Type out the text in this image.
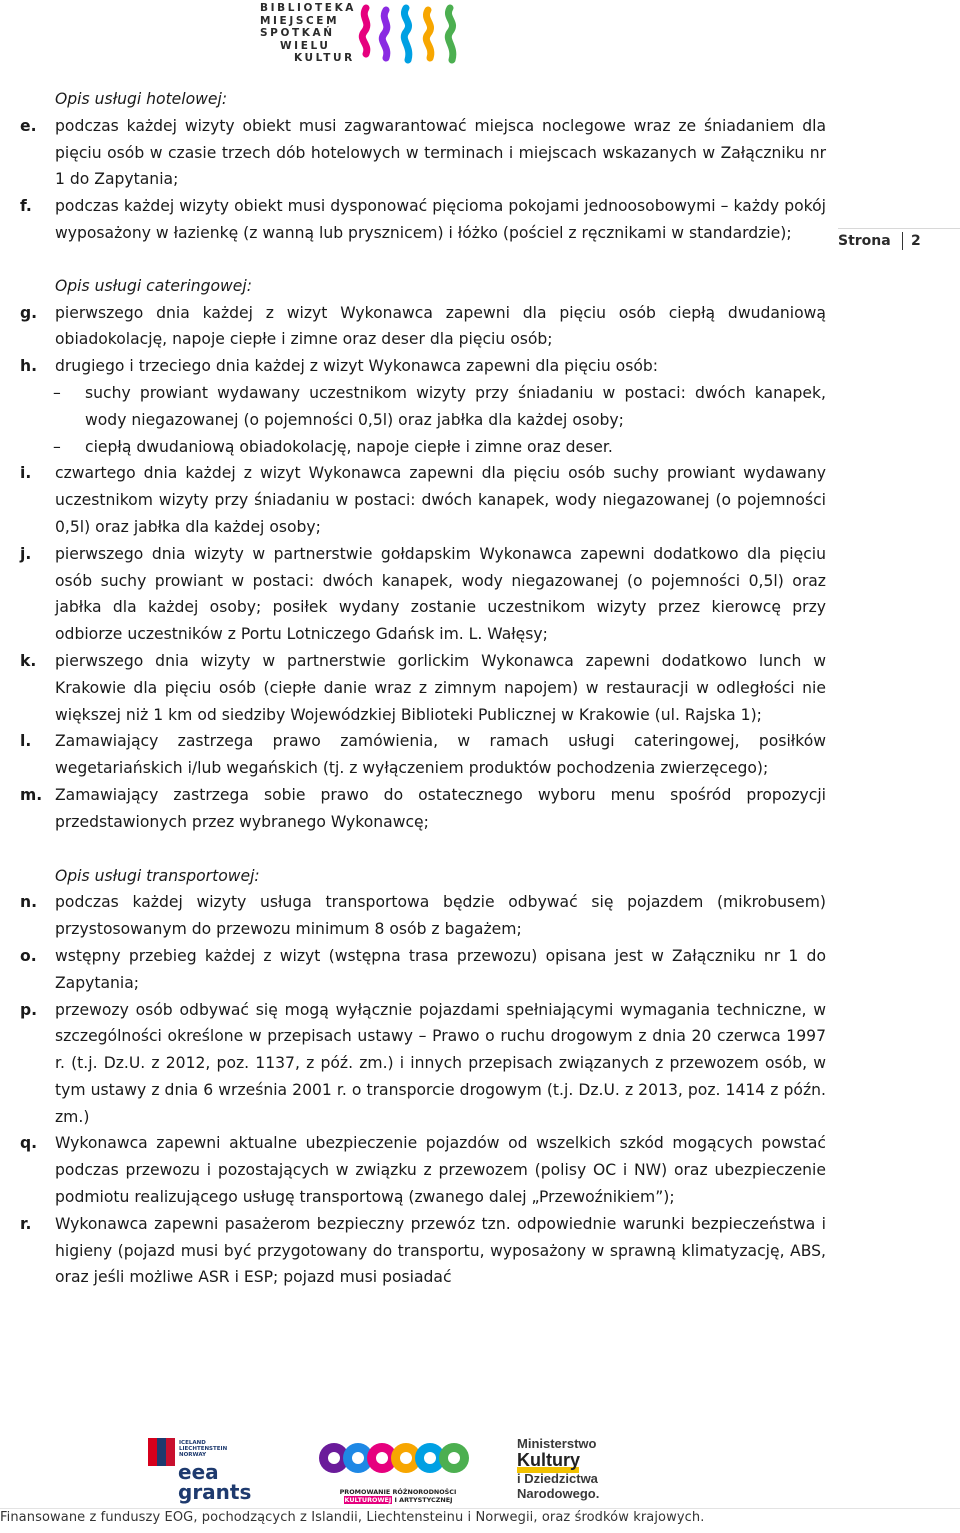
BIBLIOTEKA
MIEJSCEM
SPOTKAŃ
WIELU
KULTUR
Strona 2

Opis usługi hotelowej:

e.	podczas każdej wizyty obiekt musi zagwarantować miejsca noclegowe wraz ze śniadaniem dla pięciu osób w czasie trzech dób hotelowych w terminach i miejscach wskazanych w Załączniku nr 1 do Zapytania;
f.	podczas każdej wizyty obiekt musi dysponować pięcioma pokojami jednoosobowymi – każdy pokój wyposażony w łazienkę (z wanną lub prysznicem) i łóżko (pościel z ręcznikami w standardzie);

Opis usługi cateringowej:

g.	pierwszego dnia każdej z wizyt Wykonawca zapewni dla pięciu osób ciepłą dwudaniową obiadokolację, napoje ciepłe i zimne oraz deser dla pięciu osób;
h.	drugiego i trzeciego dnia każdej z wizyt Wykonawca zapewni dla pięciu osób:
–	suchy prowiant wydawany uczestnikom wizyty przy śniadaniu w postaci: dwóch kanapek, wody niegazowanej (o pojemności 0,5l) oraz jabłka dla każdej osoby;
–	ciepłą dwudaniową obiadokolację, napoje ciepłe i zimne oraz deser.
i.	czwartego dnia każdej z wizyt Wykonawca zapewni dla pięciu osób suchy prowiant wydawany uczestnikom wizyty przy śniadaniu w postaci: dwóch kanapek, wody niegazowanej (o pojemności 0,5l) oraz jabłka dla każdej osoby;
j.	pierwszego dnia wizyty w partnerstwie gołdapskim Wykonawca zapewni dodatkowo dla pięciu osób suchy prowiant w postaci: dwóch kanapek, wody niegazowanej (o pojemności 0,5l) oraz jabłka dla każdej osoby; posiłek wydany zostanie uczestnikom wizyty przez kierowcę przy odbiorze uczestników z Portu Lotniczego Gdańsk im. L. Wałęsy;
k.	pierwszego dnia wizyty w partnerstwie gorlickim Wykonawca zapewni dodatkowo lunch w Krakowie dla pięciu osób (ciepłe danie wraz z zimnym napojem) w restauracji w odległości nie większej niż 1 km od siedziby Wojewódzkiej Biblioteki Publicznej w Krakowie (ul. Rajska 1);
l.	Zamawiający zastrzega prawo zamówienia, w ramach usługi cateringowej, posiłków wegetariańskich i/lub wegańskich (tj. z wyłączeniem produktów pochodzenia zwierzęcego);
m. Zamawiający zastrzega sobie prawo do ostatecznego wyboru menu spośród propozycji przedstawionych przez wybranego Wykonawcę;

Opis usługi transportowej:

n.	podczas każdej wizyty usługa transportowa będzie odbywać się pojazdem (mikrobusem) przystosowanym do przewozu minimum 8 osób z bagażem;
o.	wstępny przebieg każdej z wizyt (wstępna trasa przewozu) opisana jest w Załączniku nr 1 do Zapytania;
p.	przewozy osób odbywać się mogą wyłącznie pojazdami spełniającymi wymagania techniczne, w szczególności określone w przepisach ustawy – Prawo o ruchu drogowym z dnia 20 czerwca 1997 r. (t.j. Dz.U. z 2012, poz. 1137, z póź. zm.) i innych przepisach związanych z przewozem osób, w tym ustawy z dnia 6 września 2001 r. o transporcie drogowym (t.j. Dz.U. z 2013, poz. 1414 z późn. zm.)
q.	Wykonawca zapewni aktualne ubezpieczenie pojazdów od wszelkich szkód mogących powstać podczas przewozu i pozostających w związku z przewozem (polisy OC i NW) oraz ubezpieczenie podmiotu realizującego usługę transportową (zwanego dalej „Przewoźnikiem”);
r.	Wykonawca zapewni pasażerom bezpieczny przewóz tzn. odpowiednie warunki bezpieczeństwa i higieny (pojazd musi być przygotowany do transportu, wyposażony w sprawną klimatyzację, ABS, oraz jeśli możliwe ASR i ESP; pojazd musi posiadać
ICELAND
LIECHTENSTEIN
NORWAY
eea
grants	PROMOWANIE RÓŻNORODNOŚCI
KULTUROWEJ I ARTYSTYCZNEJ
Ministerstwo
Kultury
i Dziedzictwa
Narodowego.
Finansowane z funduszy EOG, pochodzących z Islandii, Liechtensteinu i Norwegii, oraz środków krajowych.
